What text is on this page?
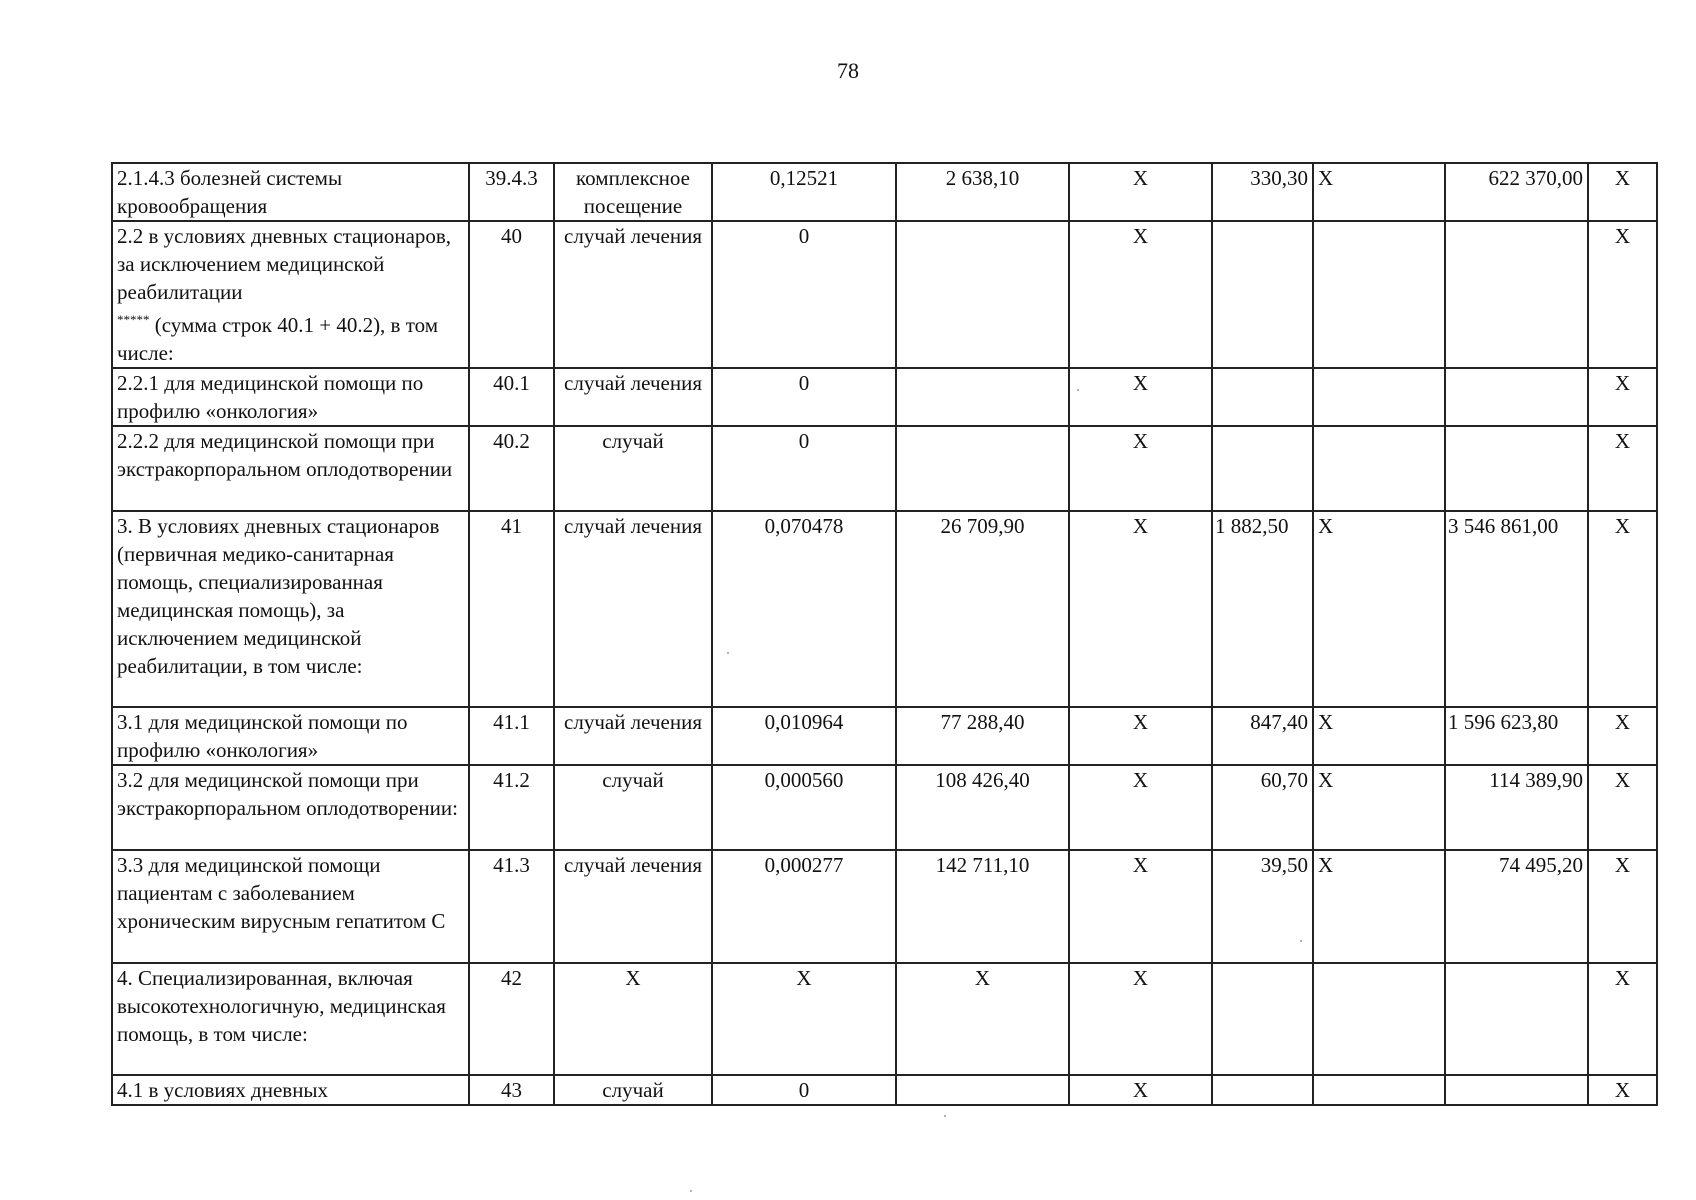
78
2.1.4.3 болезней системы кровообращения	39.4.3	комплексное посещение	0,12521	2 638,10	Х	330,30	Х	622 370,00	Х
2.2 в условиях дневных стационаров, за исключением медицинской реабилитации
***** (сумма строк 40.1 + 40.2), в том числе:	40	случай лечения	0		Х				Х
2.2.1 для медицинской помощи по профилю «онкология»	40.1	случай лечения	0		Х				Х
2.2.2 для медицинской помощи при экстракорпоральном оплодотворении	40.2	случай	0		Х				Х
3. В условиях дневных стационаров (первичная медико-санитарная помощь, специализированная медицинская помощь), за исключением медицинской реабилитации, в том числе:	41	случай лечения	0,070478	26 709,90	Х	1 882,50	Х	3 546 861,00	Х
3.1 для медицинской помощи по профилю «онкология»	41.1	случай лечения	0,010964	77 288,40	Х	847,40	Х	1 596 623,80	Х
3.2 для медицинской помощи при экстракорпоральном оплодотворении:	41.2	случай	0,000560	108 426,40	Х	60,70	Х	114 389,90	Х
3.3 для медицинской помощи пациентам с заболеванием хроническим вирусным гепатитом С	41.3	случай лечения	0,000277	142 711,10	Х	39,50	Х	74 495,20	Х
4. Специализированная, включая высокотехнологичную, медицинская помощь, в том числе:	42	Х	Х	Х	Х				Х
4.1 в условиях дневных	43	случай	0		Х				Х
